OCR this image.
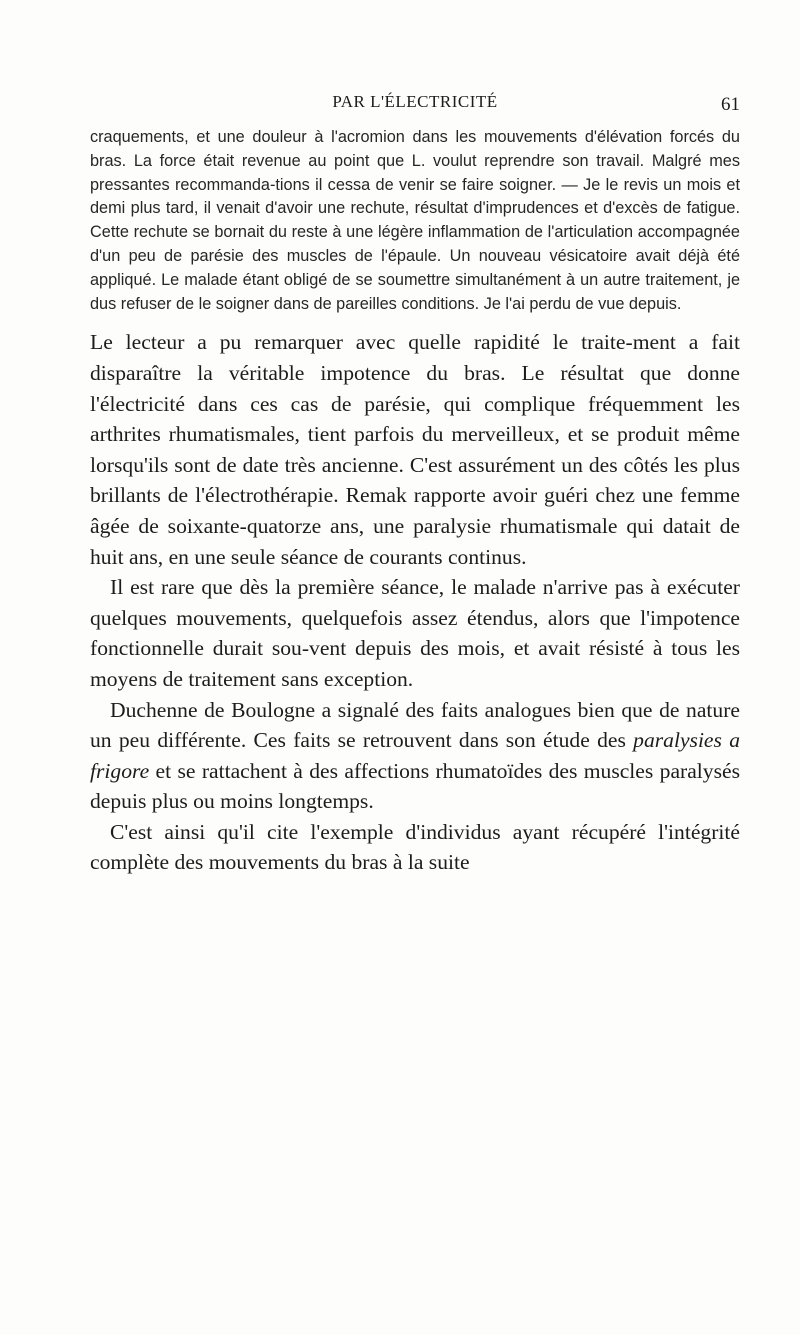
PAR L'ÉLECTRICITÉ	61

craquements, et une douleur à l'acromion dans les mouvements d'élévation forcés du bras. La force était revenue au point que L. voulut reprendre son travail. Malgré mes pressantes recommanda-tions il cessa de venir se faire soigner. — Je le revis un mois et demi plus tard, il venait d'avoir une rechute, résultat d'imprudences et d'excès de fatigue. Cette rechute se bornait du reste à une légère inflammation de l'articulation accompagnée d'un peu de parésie des muscles de l'épaule. Un nouveau vésicatoire avait déjà été appliqué. Le malade étant obligé de se soumettre simultanément à un autre traitement, je dus refuser de le soigner dans de pareilles conditions. Je l'ai perdu de vue depuis.

Le lecteur a pu remarquer avec quelle rapidité le traite-ment a fait disparaître la véritable impotence du bras. Le résultat que donne l'électricité dans ces cas de parésie, qui complique fréquemment les arthrites rhumatismales, tient parfois du merveilleux, et se produit même lorsqu'ils sont de date très ancienne. C'est assurément un des côtés les plus brillants de l'électrothérapie. Remak rapporte avoir guéri chez une femme âgée de soixante-quatorze ans, une paralysie rhumatismale qui datait de huit ans, en une seule séance de courants continus.

Il est rare que dès la première séance, le malade n'arrive pas à exécuter quelques mouvements, quelquefois assez étendus, alors que l'impotence fonctionnelle durait sou-vent depuis des mois, et avait résisté à tous les moyens de traitement sans exception.

Duchenne de Boulogne a signalé des faits analogues bien que de nature un peu différente. Ces faits se retrouvent dans son étude des paralysies a frigore et se rattachent à des affections rhumatoïdes des muscles paralysés depuis plus ou moins longtemps.

C'est ainsi qu'il cite l'exemple d'individus ayant récupéré l'intégrité complète des mouvements du bras à la suite
